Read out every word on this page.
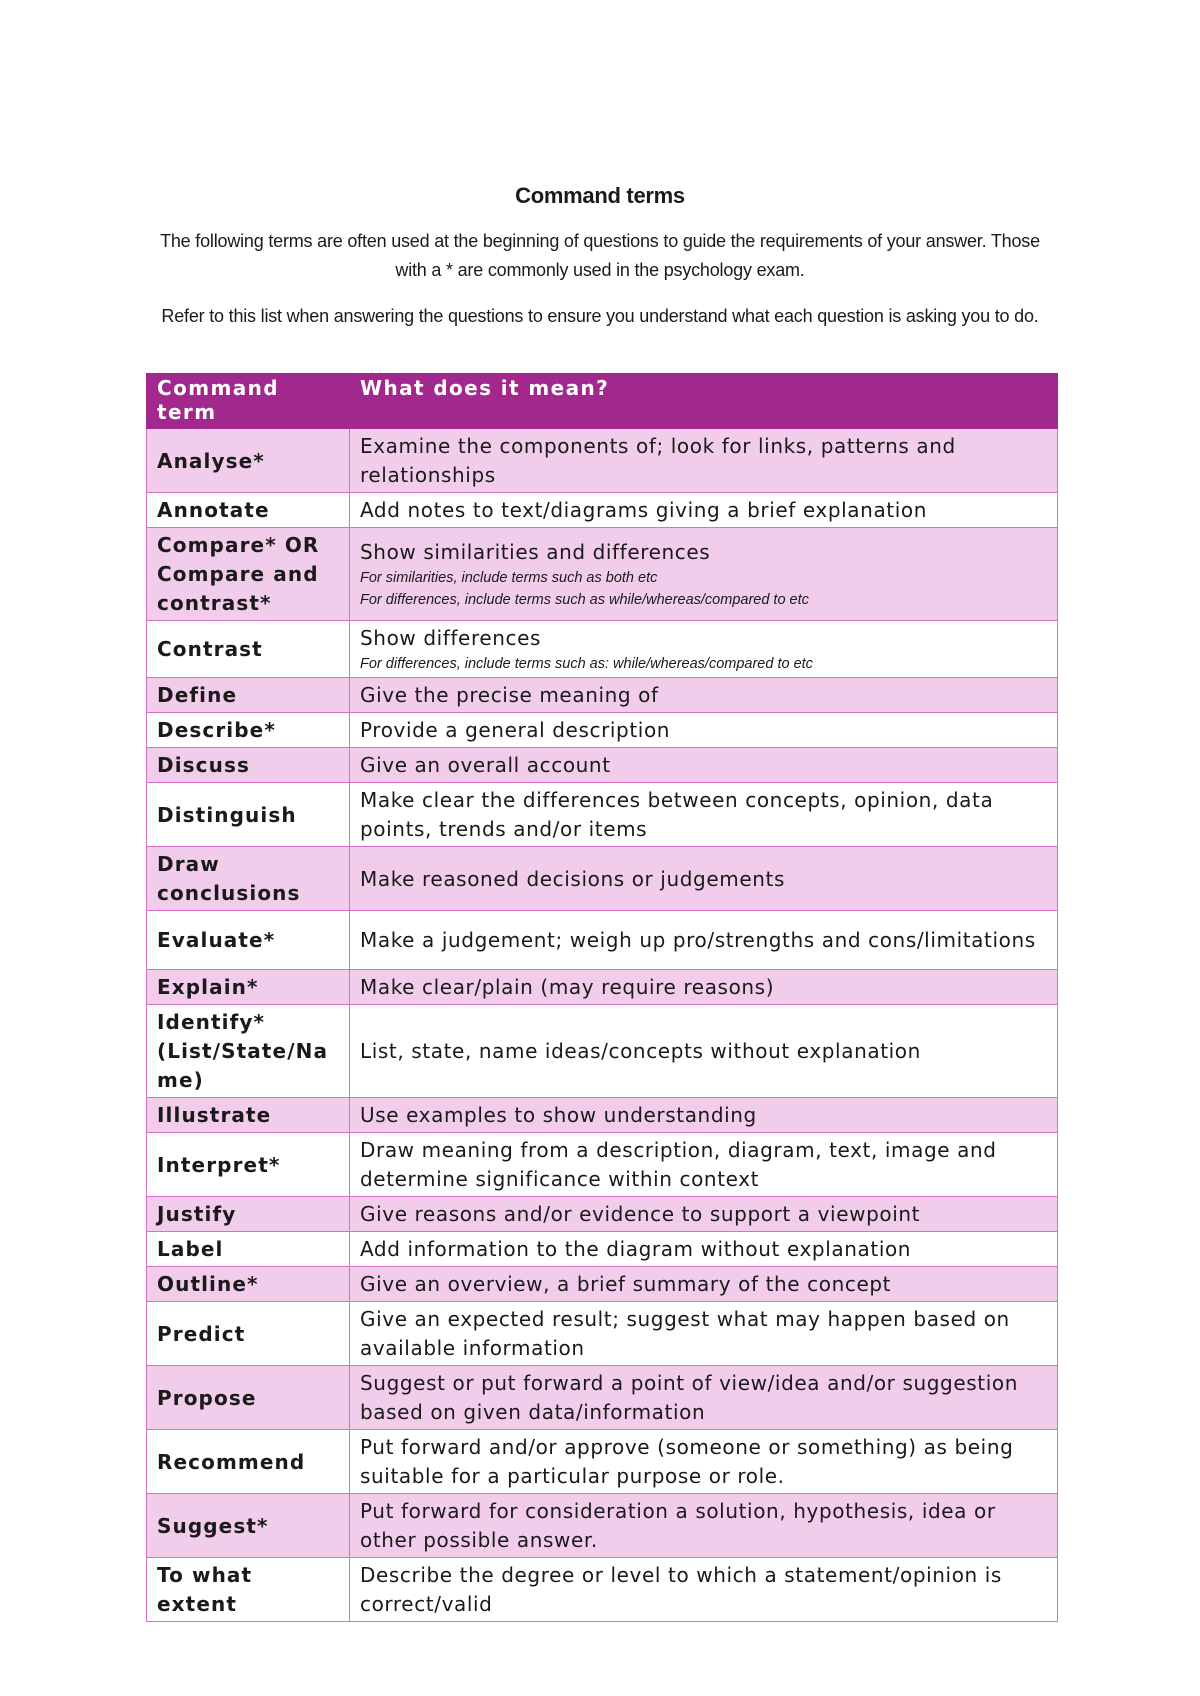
Command terms
The following terms are often used at the beginning of questions to guide the requirements of your answer. Those with a * are commonly used in the psychology exam.
Refer to this list when answering the questions to ensure you understand what each question is asking you to do.
Command term	What does it mean?
Analyse*	Examine the components of; look for links, patterns and relationships
Annotate	Add notes to text/diagrams giving a brief explanation
Compare* OR Compare and contrast*	Show similarities and differences
For similarities, include terms such as both etc
For differences, include terms such as while/whereas/compared to etc

Contrast	Show differences
For differences, include terms such as: while/whereas/compared to etc

Define	Give the precise meaning of
Describe*	Provide a general description
Discuss	Give an overall account
Distinguish	Make clear the differences between concepts, opinion, data points, trends and/or items
Draw conclusions	Make reasoned decisions or judgements
Evaluate*	Make a judgement; weigh up pro/strengths and cons/limitations
Explain*	Make clear/plain (may require reasons)
Identify* (List/State/Name)	List, state, name ideas/concepts without explanation
Illustrate	Use examples to show understanding
Interpret*	Draw meaning from a description, diagram, text, image and determine significance within context
Justify	Give reasons and/or evidence to support a viewpoint
Label	Add information to the diagram without explanation
Outline*	Give an overview, a brief summary of the concept
Predict	Give an expected result; suggest what may happen based on available information
Propose	Suggest or put forward a point of view/idea and/or suggestion based on given data/information
Recommend	Put forward and/or approve (someone or something) as being suitable for a particular purpose or role.
Suggest*	Put forward for consideration a solution, hypothesis, idea or other possible answer.
To what extent	Describe the degree or level to which a statement/opinion is correct/valid
